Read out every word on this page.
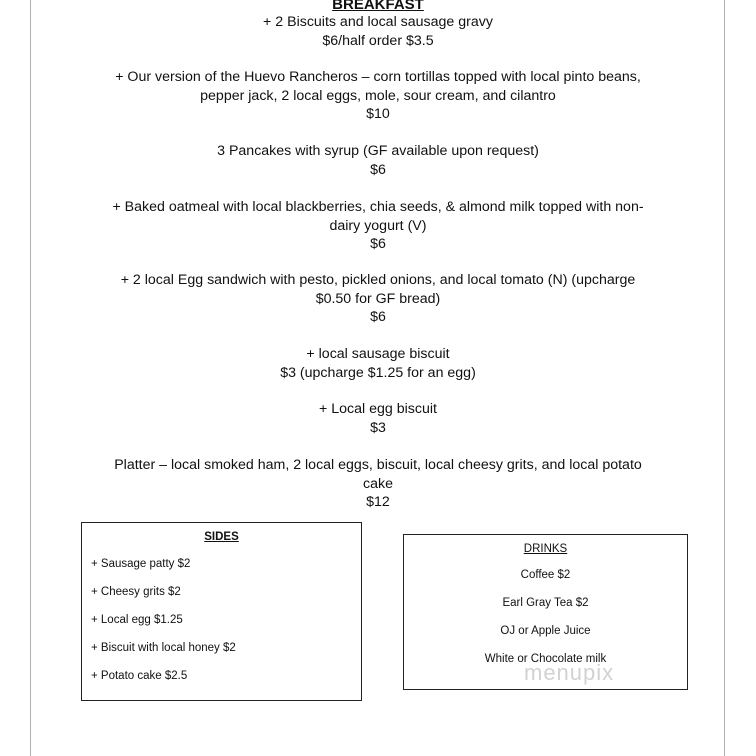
BREAKFAST
+ 2 Biscuits and local sausage gravy
$6/half order $3.5
+ Our version of the Huevo Rancheros – corn tortillas topped with local pinto beans,
pepper jack, 2 local eggs, mole, sour cream, and cilantro
$10
3 Pancakes with syrup (GF available upon request)
$6
+ Baked oatmeal with local blackberries, chia seeds, & almond milk topped with non-
dairy yogurt (V)
$6
+ 2 local Egg sandwich with pesto, pickled onions, and local tomato (N) (upcharge
$0.50 for GF bread)
$6
+ local sausage biscuit
$3 (upcharge $1.25 for an egg)
+ Local egg biscuit
$3
Platter – local smoked ham, 2 local eggs, biscuit, local cheesy grits, and local potato
cake
$12
SIDES
+ Sausage patty $2
+ Cheesy grits $2
+ Local egg $1.25
+ Biscuit with local honey $2
+ Potato cake $2.5
DRINKS
Coffee $2
Earl Gray Tea $2
OJ or Apple Juice
White or Chocolate milk
menupix
